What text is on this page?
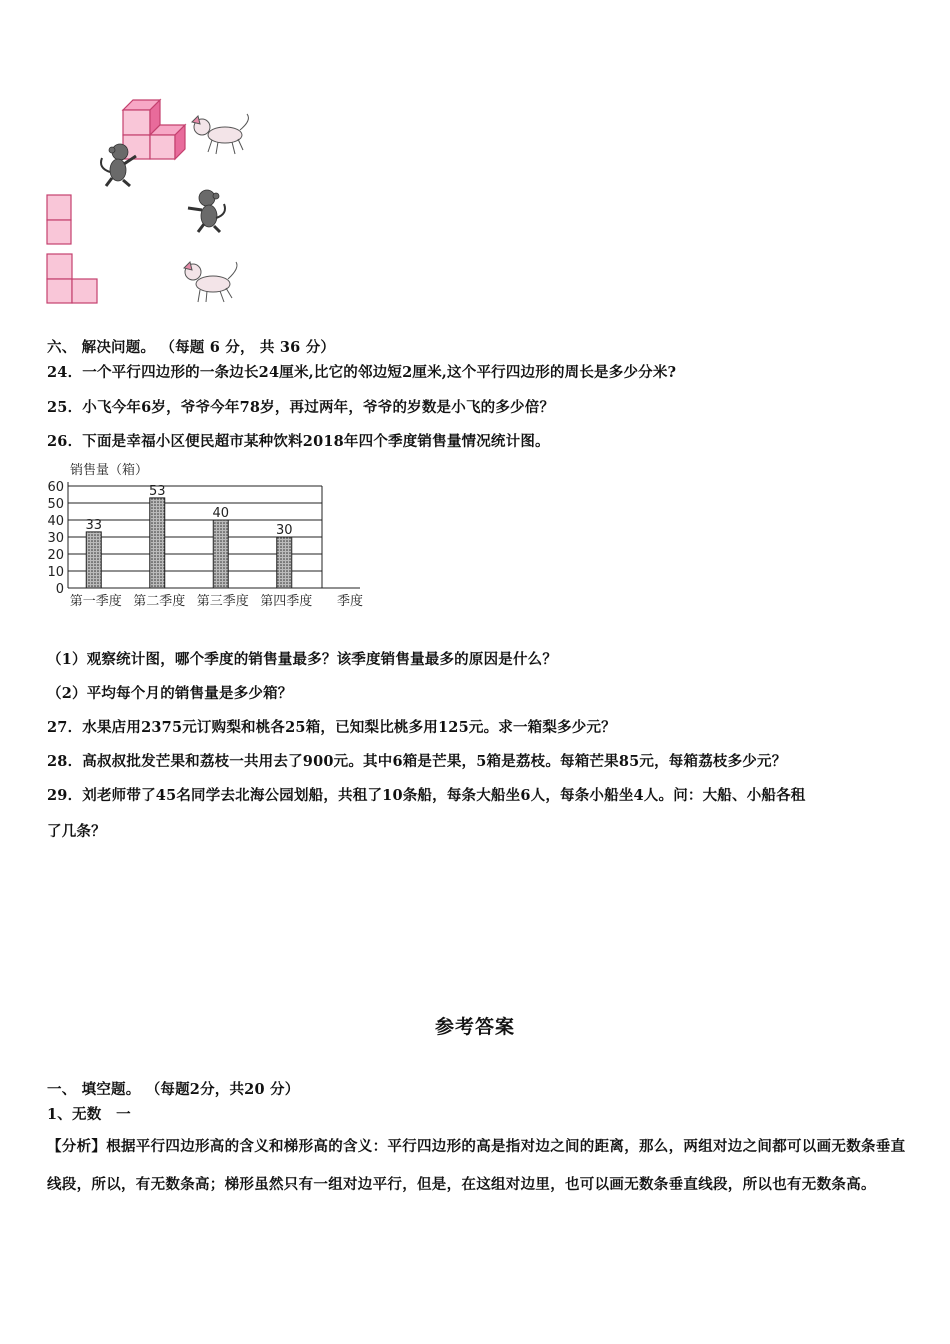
六、 解决问题。 （每题 6 分， 共 36 分）
24．一个平行四边形的一条边长24厘米,比它的邻边短2厘米,这个平行四边形的周长是多少分米?
25．小飞今年6岁，爷爷今年78岁，再过两年，爷爷的岁数是小飞的多少倍？
26．下面是幸福小区便民超市某种饮料2018年四个季度销售量情况统计图。
销售量（箱）
0
10
20
30
40
50
60
33
第一季度
53
第二季度
40
第三季度
30
第四季度 季度
（1）观察统计图，哪个季度的销售量最多？该季度销售量最多的原因是什么？
（2）平均每个月的销售量是多少箱？
27．水果店用2375元订购梨和桃各25箱，已知梨比桃多用125元。求一箱梨多少元？
28．高叔叔批发芒果和荔枝一共用去了900元。其中6箱是芒果，5箱是荔枝。每箱芒果85元，每箱荔枝多少元？
29．刘老师带了45名同学去北海公园划船，共租了10条船，每条大船坐6人，每条小船坐4人。问：大船、小船各租
了几条？
参考答案
一、 填空题。 （每题2分，共20 分）
1、无数　一
【分析】根据平行四边形高的含义和梯形高的含义：平行四边形的高是指对边之间的距离，那么，两组对边之间都可以画无数条垂直线段，所以，有无数条高；梯形虽然只有一组对边平行，但是，在这组对边里，也可以画无数条垂直线段，所以也有无数条高。
